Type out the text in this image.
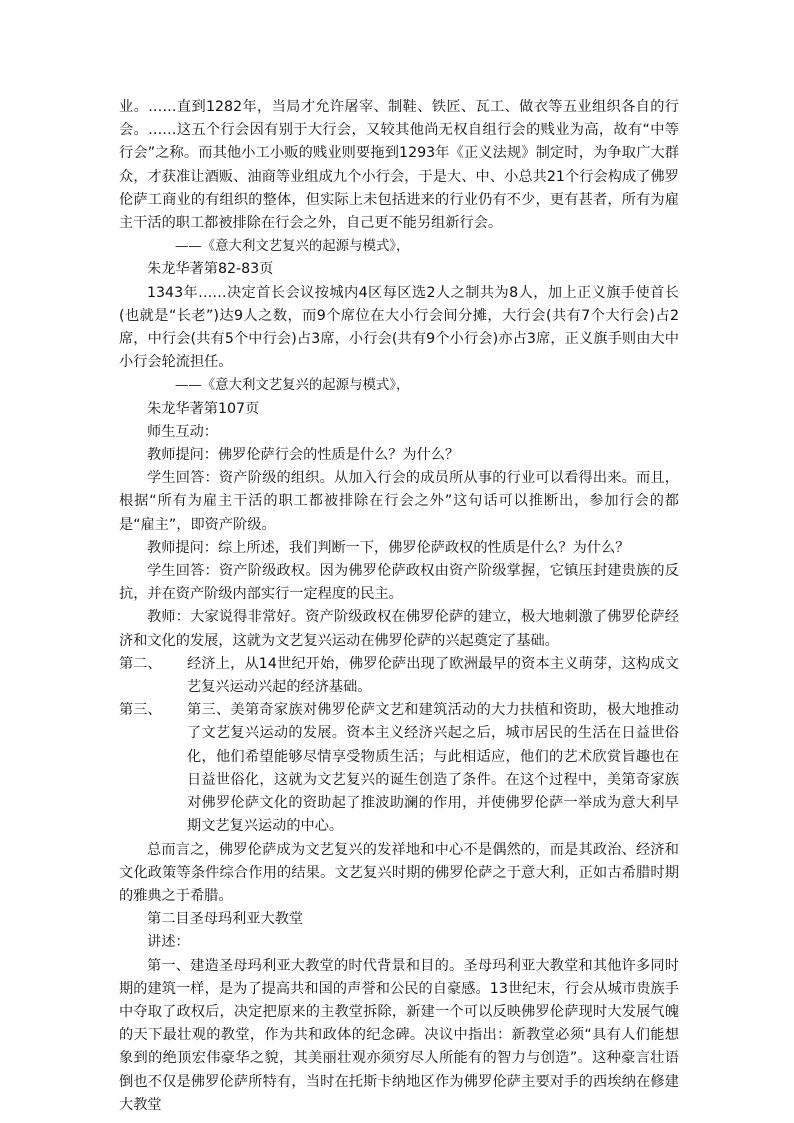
业。……直到1282年，当局才允许屠宰、制鞋、铁匠、瓦工、做衣等五业组织各自的行会。……这五个行会因有别于大行会，又较其他尚无权自组行会的贱业为高，故有“中等行会”之称。而其他小工小贩的贱业则要拖到1293年《正义法规》制定时，为争取广大群众，才获准让酒贩、油商等业组成九个小行会，于是大、中、小总共21个行会构成了佛罗伦萨工商业的有组织的整体，但实际上未包括进来的行业仍有不少，更有甚者，所有为雇主干活的职工都被排除在行会之外，自己更不能另组新行会。

——《意大利文艺复兴的起源与模式》，

朱龙华著第82-83页

1343年……决定首长会议按城内4区每区选2人之制共为8人，加上正义旗手使首长(也就是“长老”)达9人之数，而9个席位在大小行会间分摊，大行会(共有7个大行会)占2席，中行会(共有5个中行会)占3席，小行会(共有9个小行会)亦占3席，正义旗手则由大中小行会轮流担任。

——《意大利文艺复兴的起源与模式》，

朱龙华著第107页

师生互动：

教师提问：佛罗伦萨行会的性质是什么？为什么？

学生回答：资产阶级的组织。从加入行会的成员所从事的行业可以看得出来。而且，根据“所有为雇主干活的职工都被排除在行会之外”这句话可以推断出，参加行会的都是“雇主”，即资产阶级。

教师提问：综上所述，我们判断一下，佛罗伦萨政权的性质是什么？为什么？

学生回答：资产阶级政权。因为佛罗伦萨政权由资产阶级掌握，它镇压封建贵族的反抗，并在资产阶级内部实行一定程度的民主。

教师：大家说得非常好。资产阶级政权在佛罗伦萨的建立，极大地刺激了佛罗伦萨经济和文化的发展，这就为文艺复兴运动在佛罗伦萨的兴起奠定了基础。

第二、	经济上，从14世纪开始，佛罗伦萨出现了欧洲最早的资本主义萌芽，这构成文艺复兴运动兴起的经济基础。
第三、	第三、美第奇家族对佛罗伦萨文艺和建筑活动的大力扶植和资助，极大地推动了文艺复兴运动的发展。资本主义经济兴起之后，城市居民的生活在日益世俗化，他们希望能够尽情享受物质生活；与此相适应，他们的艺术欣赏旨趣也在日益世俗化，这就为文艺复兴的诞生创造了条件。在这个过程中，美第奇家族对佛罗伦萨文化的资助起了推波助澜的作用，并使佛罗伦萨一举成为意大利早期文艺复兴运动的中心。

总而言之，佛罗伦萨成为文艺复兴的发祥地和中心不是偶然的，而是其政治、经济和文化政策等条件综合作用的结果。文艺复兴时期的佛罗伦萨之于意大利，正如古希腊时期的雅典之于希腊。

第二目圣母玛利亚大教堂

讲述：

第一、建造圣母玛利亚大教堂的时代背景和目的。圣母玛利亚大教堂和其他许多同时期的建筑一样，是为了提高共和国的声誉和公民的自豪感。13世纪末，行会从城市贵族手中夺取了政权后，决定把原来的主教堂拆除，新建一个可以反映佛罗伦萨现时大发展气魄的天下最壮观的教堂，作为共和政体的纪念碑。决议中指出：新教堂必须“具有人们能想象到的绝顶宏伟豪华之貌，其美丽壮观亦须穷尽人所能有的智力与创造”。这种豪言壮语倒也不仅是佛罗伦萨所特有，当时在托斯卡纳地区作为佛罗伦萨主要对手的西埃纳在修建大教堂
